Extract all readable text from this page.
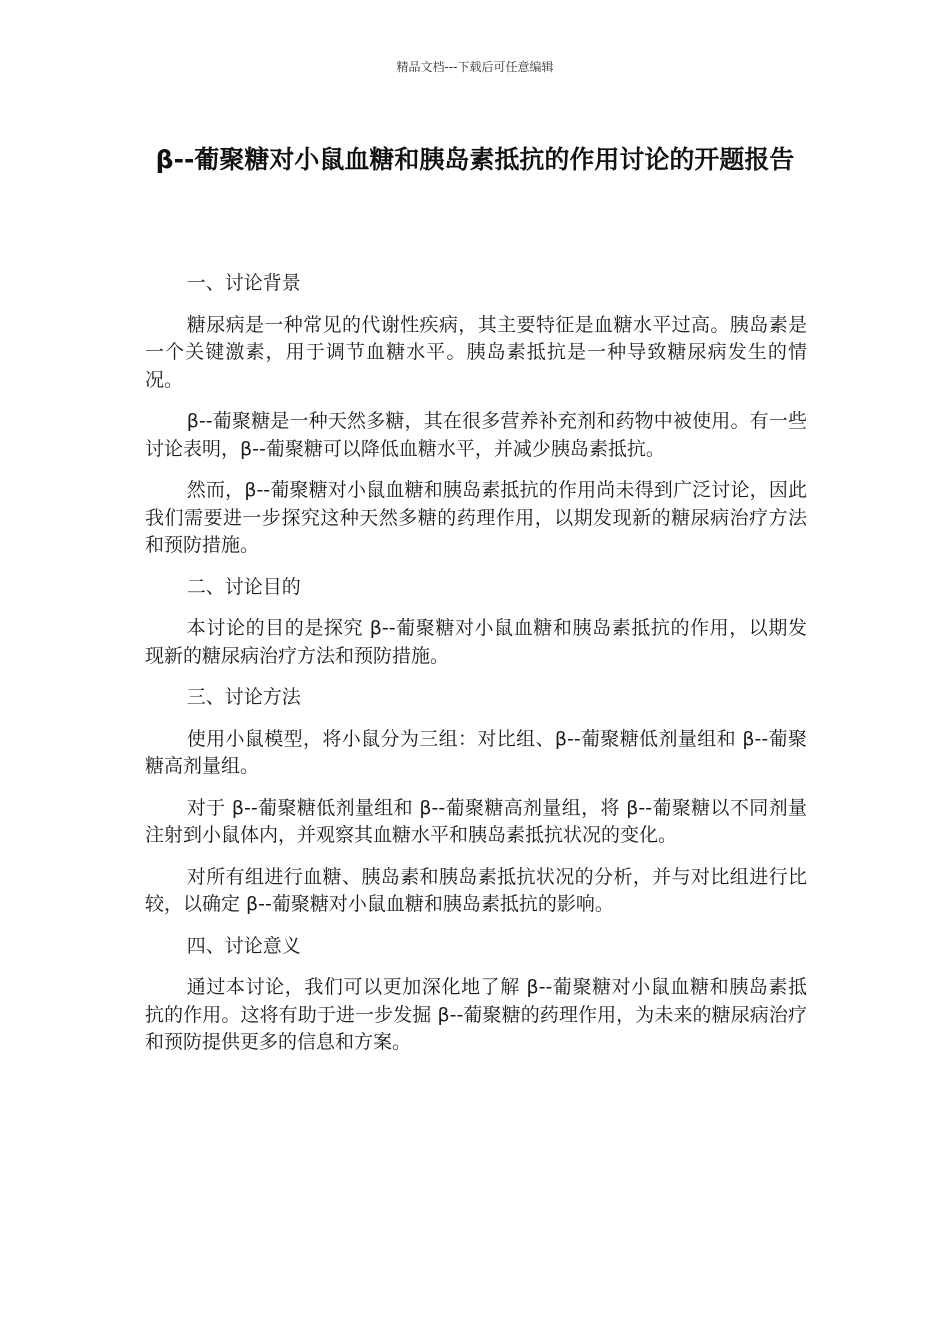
精品文档---下载后可任意编辑
β--葡聚糖对小鼠血糖和胰岛素抵抗的作用讨论的开题报告

一、讨论背景

糖尿病是一种常见的代谢性疾病，其主要特征是血糖水平过高。胰岛素是一个关键激素，用于调节血糖水平。胰岛素抵抗是一种导致糖尿病发生的情况。

β--葡聚糖是一种天然多糖，其在很多营养补充剂和药物中被使用。有一些讨论表明，β--葡聚糖可以降低血糖水平，并减少胰岛素抵抗。

然而，β--葡聚糖对小鼠血糖和胰岛素抵抗的作用尚未得到广泛讨论，因此我们需要进一步探究这种天然多糖的药理作用，以期发现新的糖尿病治疗方法和预防措施。

二、讨论目的

本讨论的目的是探究 β--葡聚糖对小鼠血糖和胰岛素抵抗的作用，以期发现新的糖尿病治疗方法和预防措施。

三、讨论方法

使用小鼠模型，将小鼠分为三组：对比组、β--葡聚糖低剂量组和 β--葡聚糖高剂量组。

对于 β--葡聚糖低剂量组和 β--葡聚糖高剂量组，将 β--葡聚糖以不同剂量注射到小鼠体内，并观察其血糖水平和胰岛素抵抗状况的变化。

对所有组进行血糖、胰岛素和胰岛素抵抗状况的分析，并与对比组进行比较，以确定 β--葡聚糖对小鼠血糖和胰岛素抵抗的影响。

四、讨论意义

通过本讨论，我们可以更加深化地了解 β--葡聚糖对小鼠血糖和胰岛素抵抗的作用。这将有助于进一步发掘 β--葡聚糖的药理作用，为未来的糖尿病治疗和预防提供更多的信息和方案。
